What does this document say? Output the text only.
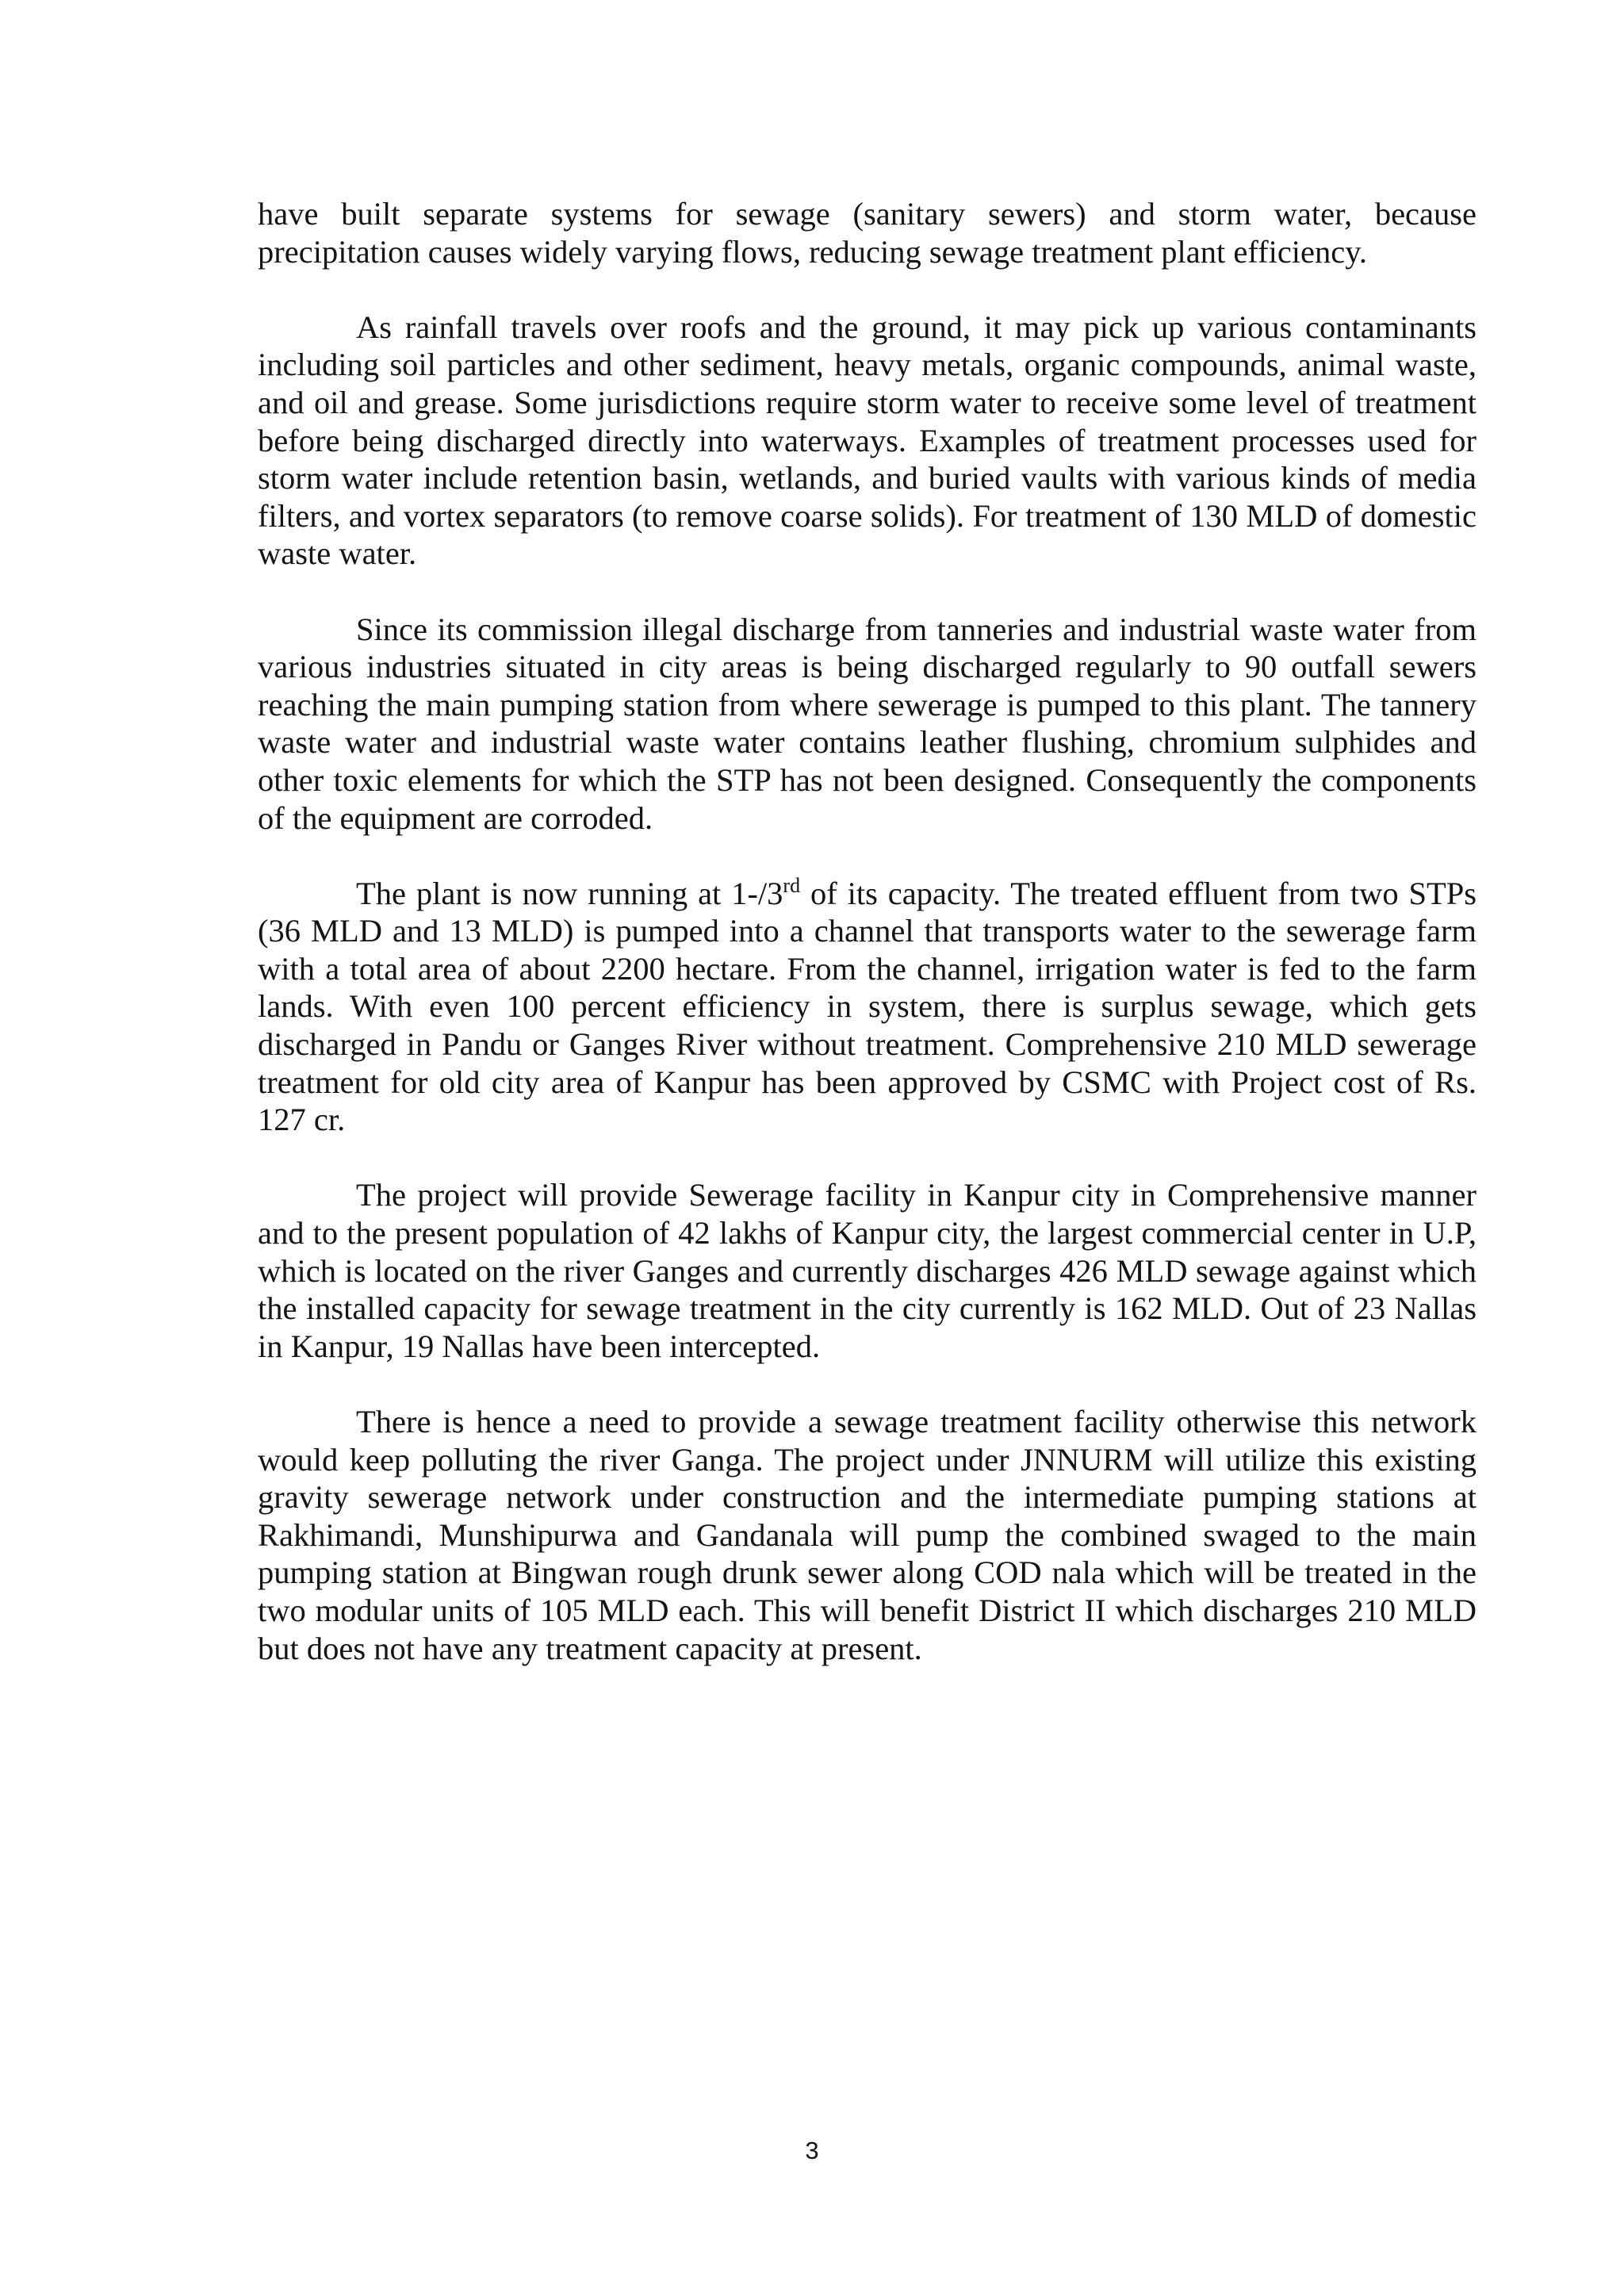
have built separate systems for sewage (sanitary sewers) and storm water, because precipitation causes widely varying flows, reducing sewage treatment plant efficiency.

As rainfall travels over roofs and the ground, it may pick up various contaminants including soil particles and other sediment, heavy metals, organic compounds, animal waste, and oil and grease. Some jurisdictions require storm water to receive some level of treatment before being discharged directly into waterways. Examples of treatment processes used for storm water include retention basin, wetlands, and buried vaults with various kinds of media filters, and vortex separators (to remove coarse solids). For treatment of 130 MLD of domestic waste water.

Since its commission illegal discharge from tanneries and industrial waste water from various industries situated in city areas is being discharged regularly to 90 outfall sewers reaching the main pumping station from where sewerage is pumped to this plant. The tannery waste water and industrial waste water contains leather flushing, chromium sulphides and other toxic elements for which the STP has not been designed. Consequently the components of the equipment are corroded.

The plant is now running at 1-/3rd of its capacity. The treated effluent from two STPs (36 MLD and 13 MLD) is pumped into a channel that transports water to the sewerage farm with a total area of about 2200 hectare. From the channel, irrigation water is fed to the farm lands. With even 100 percent efficiency in system, there is surplus sewage, which gets discharged in Pandu or Ganges River without treatment. Comprehensive 210 MLD sewerage treatment for old city area of Kanpur has been approved by CSMC with Project cost of Rs. 127 cr.

The project will provide Sewerage facility in Kanpur city in Comprehensive manner and to the present population of 42 lakhs of Kanpur city, the largest commercial center in U.P, which is located on the river Ganges and currently discharges 426 MLD sewage against which the installed capacity for sewage treatment in the city currently is 162 MLD. Out of 23 Nallas in Kanpur, 19 Nallas have been intercepted.

There is hence a need to provide a sewage treatment facility otherwise this network would keep polluting the river Ganga. The project under JNNURM will utilize this existing gravity sewerage network under construction and the intermediate pumping stations at Rakhimandi, Munshipurwa and Gandanala will pump the combined swaged to the main pumping station at Bingwan rough drunk sewer along COD nala which will be treated in the two modular units of 105 MLD each. This will benefit District II which discharges 210 MLD but does not have any treatment capacity at present.

3
